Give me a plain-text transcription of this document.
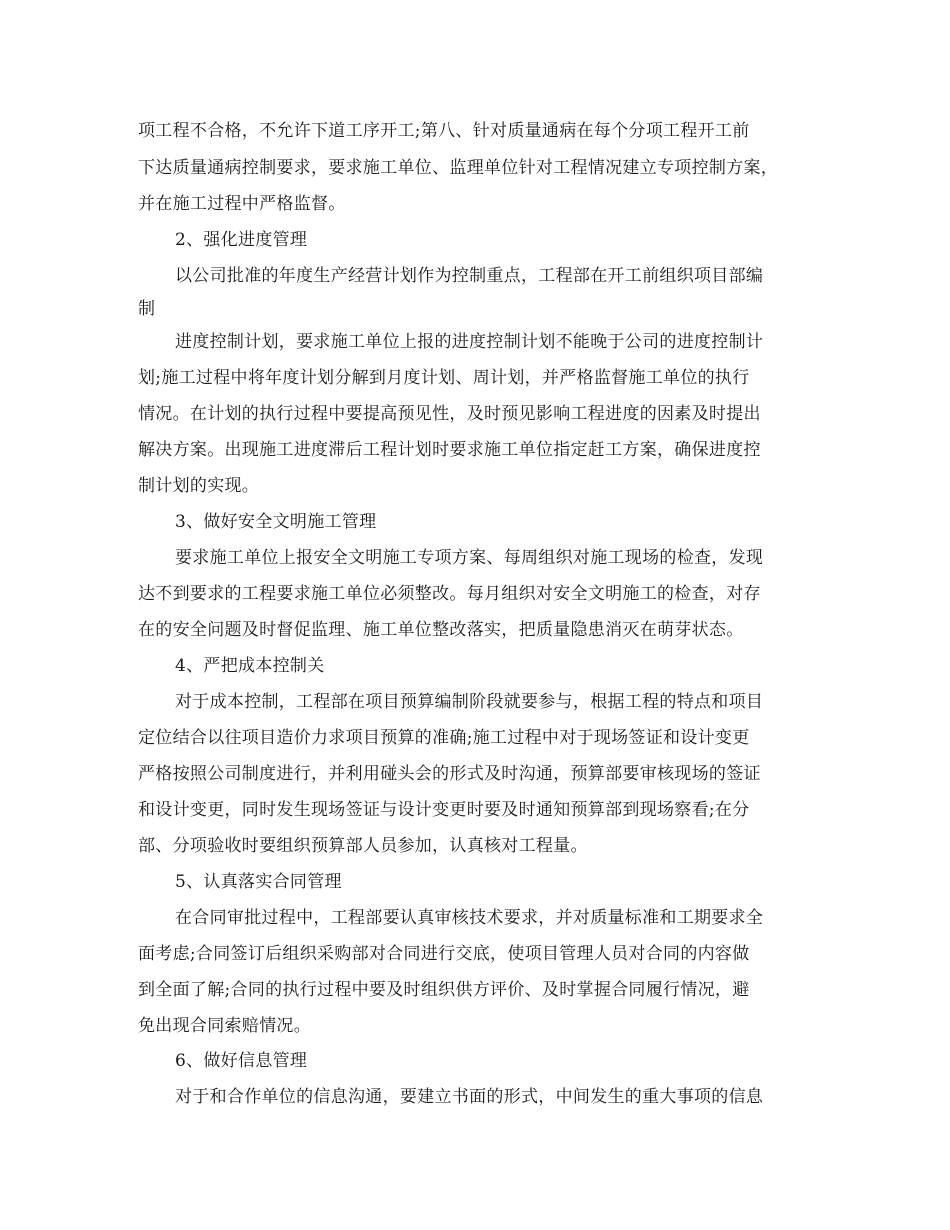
项工程不合格，不允许下道工序开工;第八、针对质量通病在每个分项工程开工前
下达质量通病控制要求，要求施工单位、监理单位针对工程情况建立专项控制方案，
并在施工过程中严格监督。
2、强化进度管理
以公司批准的年度生产经营计划作为控制重点，工程部在开工前组织项目部编
制
进度控制计划，要求施工单位上报的进度控制计划不能晚于公司的进度控制计
划;施工过程中将年度计划分解到月度计划、周计划，并严格监督施工单位的执行
情况。在计划的执行过程中要提高预见性，及时预见影响工程进度的因素及时提出
解决方案。出现施工进度滞后工程计划时要求施工单位指定赶工方案，确保进度控
制计划的实现。
3、做好安全文明施工管理
要求施工单位上报安全文明施工专项方案、每周组织对施工现场的检查，发现
达不到要求的工程要求施工单位必须整改。每月组织对安全文明施工的检查，对存
在的安全问题及时督促监理、施工单位整改落实，把质量隐患消灭在萌芽状态。
4、严把成本控制关
对于成本控制，工程部在项目预算编制阶段就要参与，根据工程的特点和项目
定位结合以往项目造价力求项目预算的准确;施工过程中对于现场签证和设计变更
严格按照公司制度进行，并利用碰头会的形式及时沟通，预算部要审核现场的签证
和设计变更，同时发生现场签证与设计变更时要及时通知预算部到现场察看;在分
部、分项验收时要组织预算部人员参加，认真核对工程量。
5、认真落实合同管理
在合同审批过程中，工程部要认真审核技术要求，并对质量标准和工期要求全
面考虑;合同签订后组织采购部对合同进行交底，使项目管理人员对合同的内容做
到全面了解;合同的执行过程中要及时组织供方评价、及时掌握合同履行情况，避
免出现合同索赔情况。
6、做好信息管理
对于和合作单位的信息沟通，要建立书面的形式，中间发生的重大事项的信息
